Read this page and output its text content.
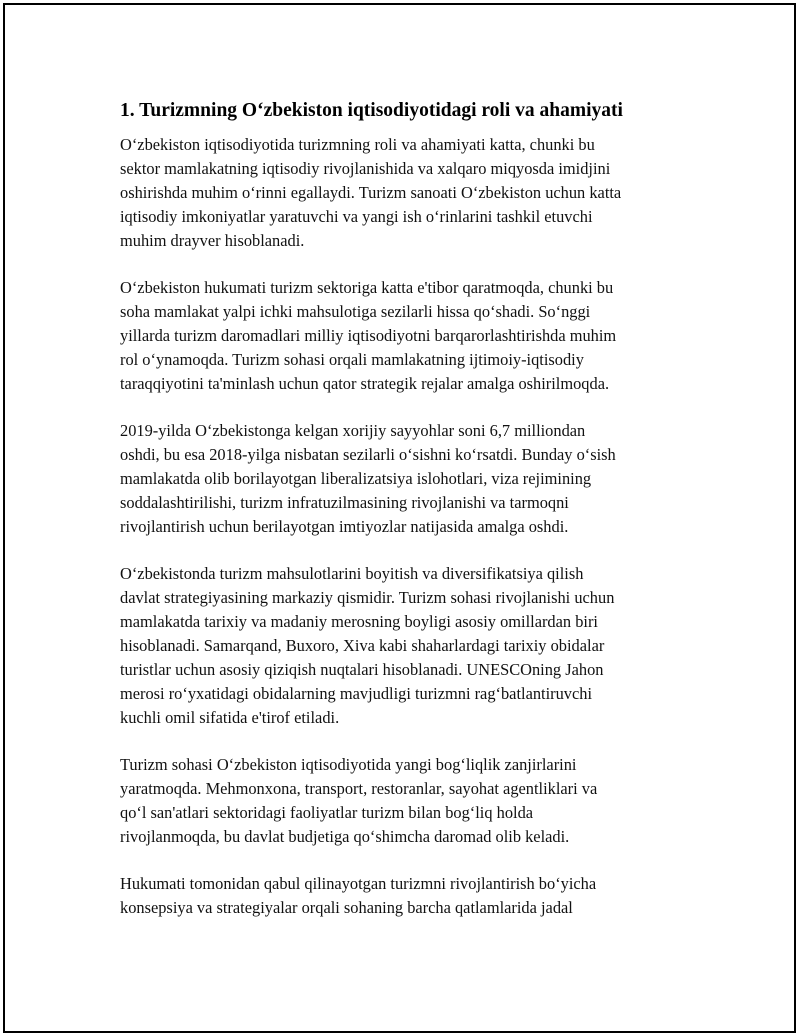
1. Turizmning O‘zbekiston iqtisodiyotidagi roli va ahamiyati

O‘zbekiston iqtisodiyotida turizmning roli va ahamiyati katta, chunki bu
sektor mamlakatning iqtisodiy rivojlanishida va xalqaro miqyosda imidjini
oshirishda muhim o‘rinni egallaydi. Turizm sanoati O‘zbekiston uchun katta
iqtisodiy imkoniyatlar yaratuvchi va yangi ish o‘rinlarini tashkil etuvchi
muhim drayver hisoblanadi.

O‘zbekiston hukumati turizm sektoriga katta e'tibor qaratmoqda, chunki bu
soha mamlakat yalpi ichki mahsulotiga sezilarli hissa qo‘shadi. So‘nggi
yillarda turizm daromadlari milliy iqtisodiyotni barqarorlashtirishda muhim
rol o‘ynamoqda. Turizm sohasi orqali mamlakatning ijtimoiy-iqtisodiy
taraqqiyotini ta'minlash uchun qator strategik rejalar amalga oshirilmoqda.

2019-yilda O‘zbekistonga kelgan xorijiy sayyohlar soni 6,7 milliondan
oshdi, bu esa 2018-yilga nisbatan sezilarli o‘sishni ko‘rsatdi. Bunday o‘sish
mamlakatda olib borilayotgan liberalizatsiya islohotlari, viza rejimining
soddalashtirilishi, turizm infratuzilmasining rivojlanishi va tarmoqni
rivojlantirish uchun berilayotgan imtiyozlar natijasida amalga oshdi.

O‘zbekistonda turizm mahsulotlarini boyitish va diversifikatsiya qilish
davlat strategiyasining markaziy qismidir. Turizm sohasi rivojlanishi uchun
mamlakatda tarixiy va madaniy merosning boyligi asosiy omillardan biri
hisoblanadi. Samarqand, Buxoro, Xiva kabi shaharlardagi tarixiy obidalar
turistlar uchun asosiy qiziqish nuqtalari hisoblanadi. UNESCOning Jahon
merosi ro‘yxatidagi obidalarning mavjudligi turizmni rag‘batlantiruvchi
kuchli omil sifatida e'tirof etiladi.

Turizm sohasi O‘zbekiston iqtisodiyotida yangi bog‘liqlik zanjirlarini
yaratmoqda. Mehmonxona, transport, restoranlar, sayohat agentliklari va
qo‘l san'atlari sektoridagi faoliyatlar turizm bilan bog‘liq holda
rivojlanmoqda, bu davlat budjetiga qo‘shimcha daromad olib keladi.

Hukumati tomonidan qabul qilinayotgan turizmni rivojlantirish bo‘yicha
konsepsiya va strategiyalar orqali sohaning barcha qatlamlarida jadal
